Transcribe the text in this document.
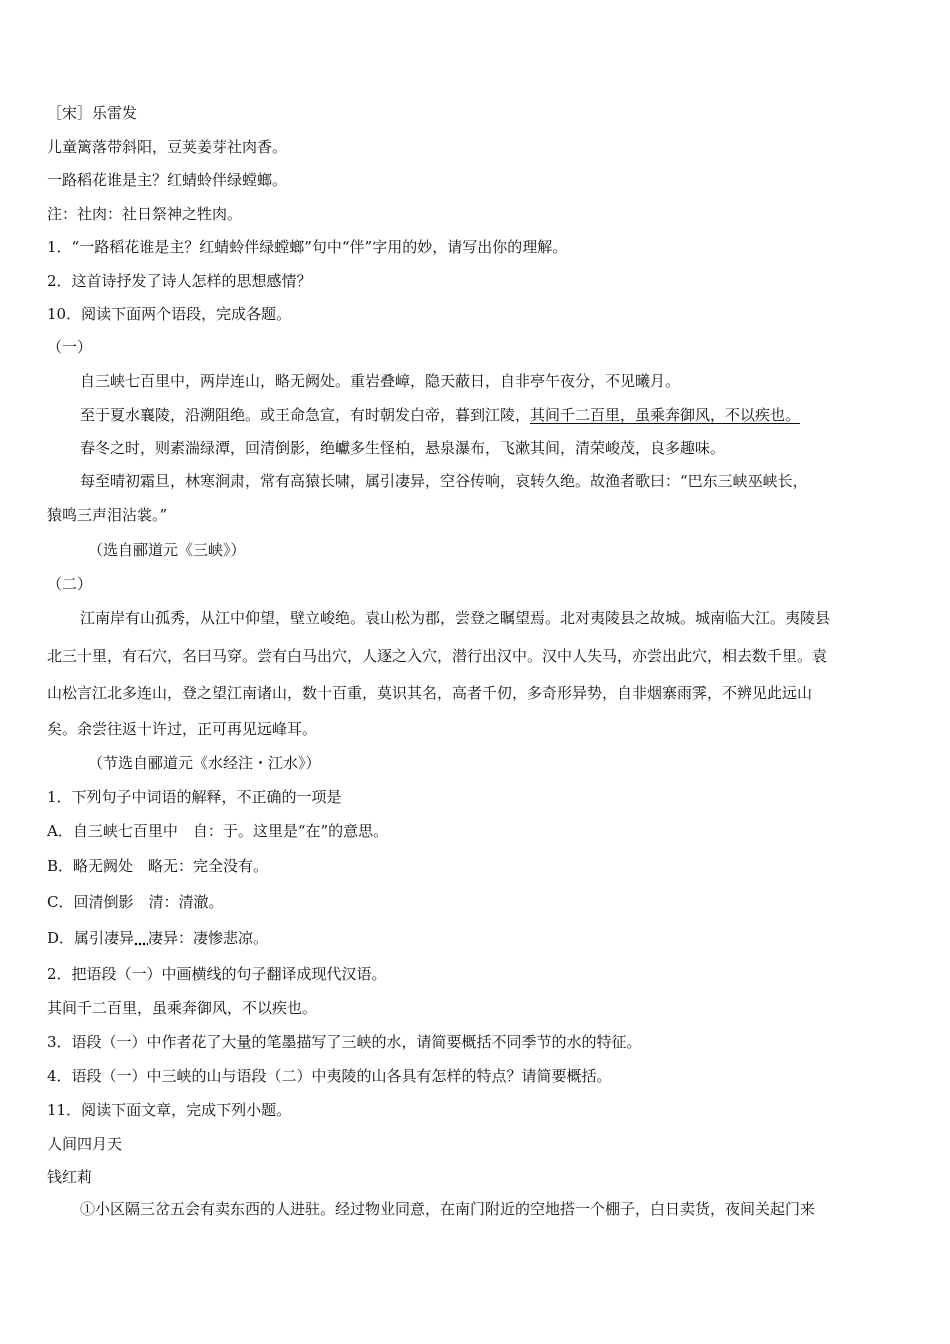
［宋］乐雷发
儿童篱落带斜阳，豆荚姜芽社肉香。
一路稻花谁是主？红蜻蛉伴绿螳螂。
注：社肉：社日祭神之牲肉。
1．“一路稻花谁是主？红蜻蛉伴绿螳螂”句中“伴”字用的妙，请写出你的理解。
2．这首诗抒发了诗人怎样的思想感情？
10．阅读下面两个语段，完成各题。
（一）
自三峡七百里中，两岸连山，略无阙处。重岩叠嶂，隐天蔽日，自非亭午夜分，不见曦月。
至于夏水襄陵，沿溯阻绝。或王命急宣，有时朝发白帝，暮到江陵，其间千二百里，虽乘奔御风，不以疾也。
春冬之时，则素湍绿潭，回清倒影，绝巘多生怪柏，悬泉瀑布，飞漱其间，清荣峻茂，良多趣味。
每至晴初霜旦，林寒涧肃，常有高猿长啸，属引凄异，空谷传响，哀转久绝。故渔者歌曰：“巴东三峡巫峡长，
猿鸣三声泪沾裳。”
（选自郦道元《三峡》）
（二）
江南岸有山孤秀，从江中仰望，壁立峻绝。袁山松为郡，尝登之瞩望焉。北对夷陵县之故城。城南临大江。夷陵县
北三十里，有石穴，名曰马穿。尝有白马出穴，人逐之入穴，潜行出汉中。汉中人失马，亦尝出此穴，相去数千里。袁
山松言江北多连山，登之望江南诸山，数十百重，莫识其名，高者千仞，多奇形异势，自非烟寨雨霁，不辨见此远山
矣。余尝往返十许过，正可再见远峰耳。
（节选自郦道元《水经注・江水》）
1．下列句子中词语的解释，不正确的一项是
A．自三峡七百里中　自：于。这里是“在”的意思。
B．略无阙处　略无：完全没有。
C．回清倒影　清：清澈。
D．属引凄异 凄异：凄惨悲凉。
2．把语段（一）中画横线的句子翻译成现代汉语。
其间千二百里，虽乘奔御风，不以疾也。
3．语段（一）中作者花了大量的笔墨描写了三峡的水，请简要概括不同季节的水的特征。
4．语段（一）中三峡的山与语段（二）中夷陵的山各具有怎样的特点？请简要概括。
11．阅读下面文章，完成下列小题。
人间四月天
钱红莉
①小区隔三岔五会有卖东西的人进驻。经过物业同意，在南门附近的空地搭一个棚子，白日卖货，夜间关起门来
